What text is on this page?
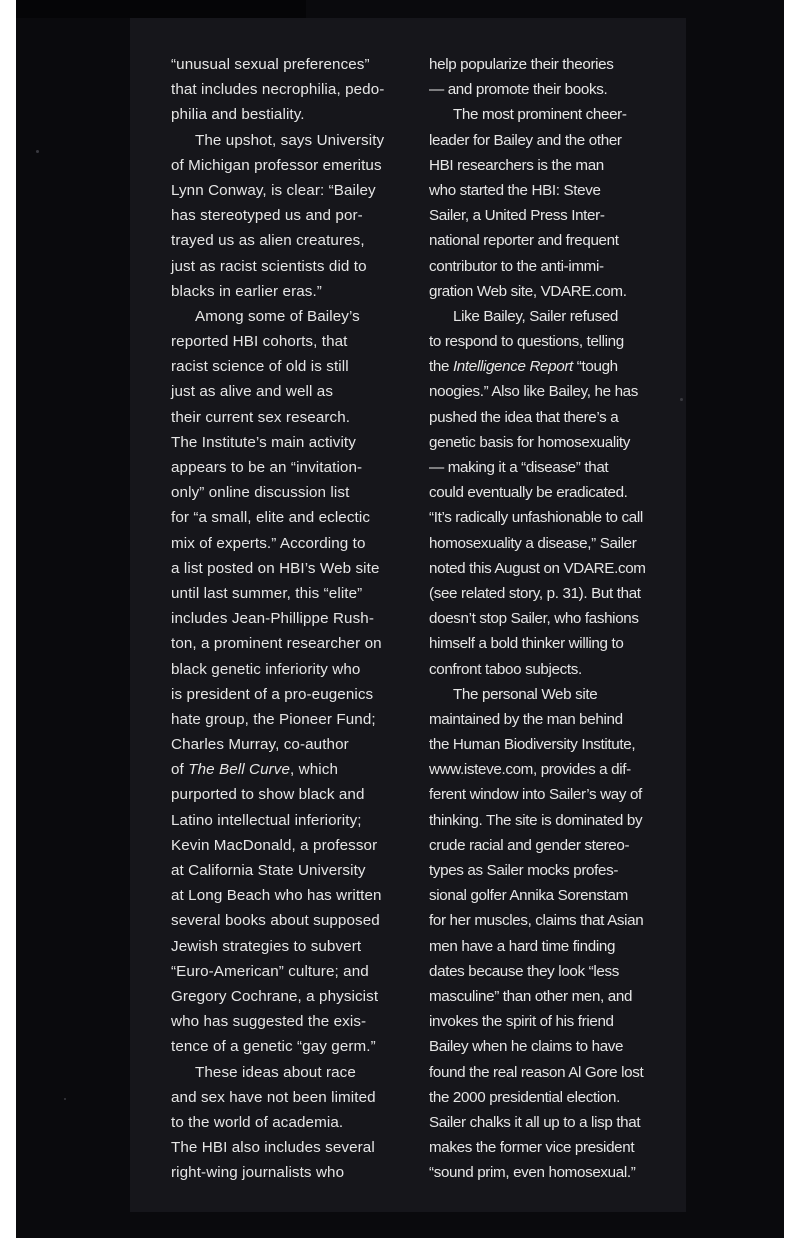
“unusual sexual preferences”
that includes necrophilia, pedo-
philia and bestiality.
The upshot, says University
of Michigan professor emeritus
Lynn Conway, is clear: “Bailey
has stereotyped us and por-
trayed us as alien creatures,
just as racist scientists did to
blacks in earlier eras.”
Among some of Bailey’s
reported HBI cohorts, that
racist science of old is still
just as alive and well as
their current sex research.
The Institute’s main activity
appears to be an “invitation-
only” online discussion list
for “a small, elite and eclectic
mix of experts.” According to
a list posted on HBI’s Web site
until last summer, this “elite”
includes Jean-Phillippe Rush-
ton, a prominent researcher on
black genetic inferiority who
is president of a pro-eugenics
hate group, the Pioneer Fund;
Charles Murray, co-author
of The Bell Curve, which
purported to show black and
Latino intellectual inferiority;
Kevin MacDonald, a professor
at California State University
at Long Beach who has written
several books about supposed
Jewish strategies to subvert
“Euro-American” culture; and
Gregory Cochrane, a physicist
who has suggested the exis-
tence of a genetic “gay germ.”
These ideas about race
and sex have not been limited
to the world of academia.
The HBI also includes several
right-wing journalists who
help popularize their theories
— and promote their books.
The most prominent cheer-
leader for Bailey and the other
HBI researchers is the man
who started the HBI: Steve
Sailer, a United Press Inter-
national reporter and frequent
contributor to the anti-immi-
gration Web site, VDARE.com.
Like Bailey, Sailer refused
to respond to questions, telling
the Intelligence Report “tough
noogies.” Also like Bailey, he has
pushed the idea that there’s a
genetic basis for homosexuality
— making it a “disease” that
could eventually be eradicated.
“It’s radically unfashionable to call
homosexuality a disease,” Sailer
noted this August on VDARE.com
(see related story, p. 31). But that
doesn’t stop Sailer, who fashions
himself a bold thinker willing to
confront taboo subjects.
The personal Web site
maintained by the man behind
the Human Biodiversity Institute,
www.isteve.com, provides a dif-
ferent window into Sailer’s way of
thinking. The site is dominated by
crude racial and gender stereo-
types as Sailer mocks profes-
sional golfer Annika Sorenstam
for her muscles, claims that Asian
men have a hard time finding
dates because they look “less
masculine” than other men, and
invokes the spirit of his friend
Bailey when he claims to have
found the real reason Al Gore lost
the 2000 presidential election.
Sailer chalks it all up to a lisp that
makes the former vice president
“sound prim, even homosexual.”
